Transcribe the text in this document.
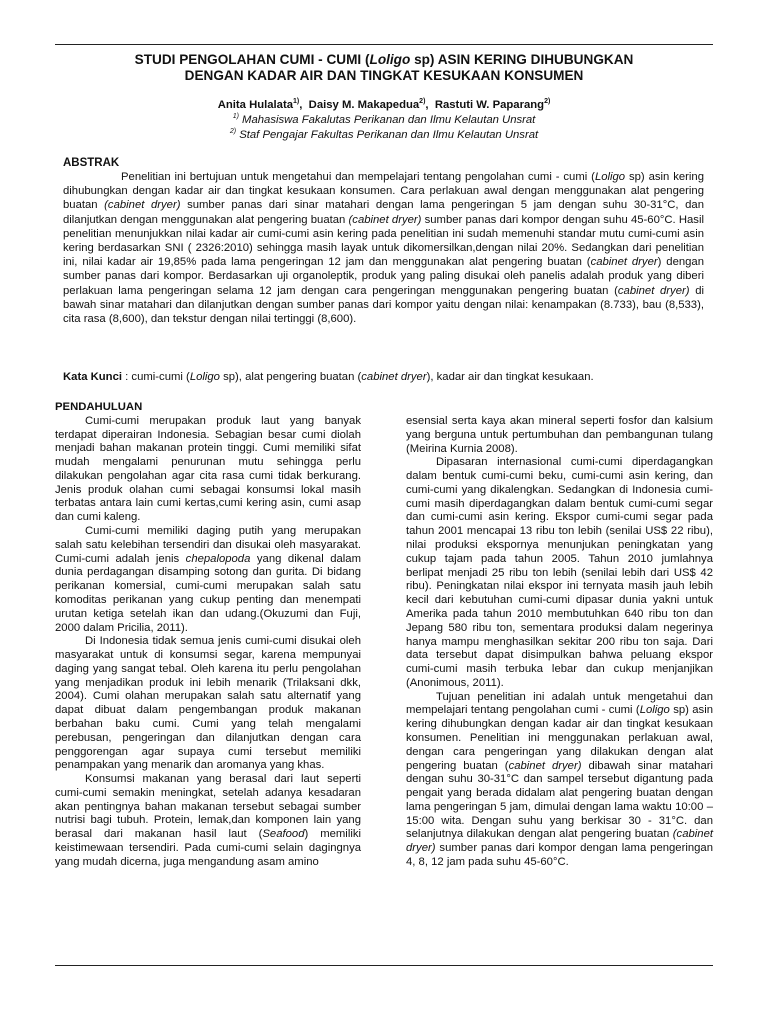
STUDI PENGOLAHAN CUMI - CUMI (Loligo sp) ASIN KERING DIHUBUNGKAN
DENGAN KADAR AIR DAN TINGKAT KESUKAAN KONSUMEN
Anita Hulalata$^{1)}$,  Daisy M. Makapedua$^{2)}$,  Rastuti W. Paparang$^{2)}$
$^{1)}$ Mahasiswa Fakalutas Perikanan dan Ilmu Kelautan Unsrat
$^{2)}$ Staf Pengajar Fakultas Perikanan dan Ilmu Kelautan Unsrat
ABSTRAK

Penelitian ini bertujuan untuk mengetahui dan mempelajari tentang pengolahan cumi - cumi (Loligo sp) asin kering dihubungkan dengan kadar air dan tingkat kesukaan konsumen. Cara perlakuan awal dengan menggunakan alat pengering buatan (cabinet dryer) sumber panas dari sinar matahari dengan lama pengeringan 5 jam dengan suhu 30-31°C, dan dilanjutkan dengan menggunakan alat pengering buatan (cabinet dryer) sumber panas dari kompor dengan suhu 45-60°C. Hasil penelitian menunjukkan nilai kadar air cumi-cumi asin kering pada penelitian ini sudah memenuhi standar mutu cumi-cumi asin kering berdasarkan SNI ( 2326:2010) sehingga masih layak untuk dikomersilkan,dengan nilai 20%. Sedangkan dari penelitian ini, nilai kadar air 19,85% pada lama pengeringan 12 jam dan menggunakan alat pengering buatan (cabinet dryer) dengan sumber panas dari kompor. Berdasarkan uji organoleptik, produk yang paling disukai oleh panelis adalah produk yang diberi perlakuan lama pengeringan selama 12 jam dengan cara pengeringan menggunakan pengering buatan (cabinet dryer) di bawah sinar matahari dan dilanjutkan dengan sumber panas dari kompor yaitu dengan nilai: kenampakan (8.733), bau (8,533), cita rasa (8,600), dan tekstur dengan nilai tertinggi (8,600).

Kata Kunci : cumi-cumi (Loligo sp), alat pengering buatan (cabinet dryer), kadar air dan tingkat kesukaan.

PENDAHULUAN

Cumi-cumi merupakan produk laut yang banyak terdapat diperairan Indonesia. Sebagian besar cumi diolah menjadi bahan makanan protein tinggi. Cumi memiliki sifat mudah mengalami penurunan mutu sehingga perlu dilakukan pengolahan agar cita rasa cumi tidak berkurang. Jenis produk olahan cumi sebagai konsumsi lokal masih terbatas antara lain cumi kertas,cumi kering asin, cumi asap dan cumi kaleng.

Cumi-cumi memiliki daging putih yang merupakan salah satu kelebihan tersendiri dan disukai oleh masyarakat. Cumi-cumi adalah jenis chepalopoda yang dikenal dalam dunia perdagangan disamping sotong dan gurita. Di bidang perikanan komersial, cumi-cumi merupakan salah satu komoditas perikanan yang cukup penting dan menempati urutan ketiga setelah ikan dan udang.(Okuzumi dan Fuji, 2000 dalam Pricilia, 2011).

Di Indonesia tidak semua jenis cumi-cumi disukai oleh masyarakat untuk di konsumsi segar, karena mempunyai daging yang sangat tebal. Oleh karena itu perlu pengolahan yang menjadikan produk ini lebih menarik (Trilaksani dkk, 2004). Cumi olahan merupakan salah satu alternatif yang dapat dibuat dalam pengembangan produk makanan berbahan baku cumi. Cumi yang telah mengalami perebusan, pengeringan dan dilanjutkan dengan cara penggorengan agar supaya cumi tersebut memiliki penampakan yang menarik dan aromanya yang khas.

Konsumsi makanan yang berasal dari laut seperti cumi-cumi semakin meningkat, setelah adanya kesadaran akan pentingnya bahan makanan tersebut sebagai sumber nutrisi bagi tubuh. Protein, lemak,dan komponen lain yang berasal dari makanan hasil laut (Seafood) memiliki keistimewaan tersendiri. Pada cumi-cumi selain dagingnya yang mudah dicerna, juga mengandung asam amino

esensial serta kaya akan mineral seperti fosfor dan kalsium yang berguna untuk pertumbuhan dan pembangunan tulang (Meirina Kurnia 2008).

Dipasaran internasional cumi-cumi diperdagangkan dalam bentuk cumi-cumi beku, cumi-cumi asin kering, dan cumi-cumi yang dikalengkan. Sedangkan di Indonesia cumi-cumi masih diperdagangkan dalam bentuk cumi-cumi segar dan cumi-cumi asin kering. Ekspor cumi-cumi segar pada tahun 2001 mencapai 13 ribu ton lebih (senilai US$ 22 ribu), nilai produksi ekspornya menunjukan peningkatan yang cukup tajam pada tahun 2005. Tahun 2010 jumlahnya berlipat menjadi 25 ribu ton lebih (senilai lebih dari US$ 42 ribu). Peningkatan nilai ekspor ini ternyata masih jauh lebih kecil dari kebutuhan cumi-cumi dipasar dunia yakni untuk Amerika pada tahun 2010 membutuhkan 640 ribu ton dan Jepang 580 ribu ton, sementara produksi dalam negerinya hanya mampu menghasilkan sekitar 200 ribu ton saja. Dari data tersebut dapat disimpulkan bahwa peluang ekspor cumi-cumi masih terbuka lebar dan cukup menjanjikan (Anonimous, 2011).

Tujuan penelitian ini adalah untuk mengetahui dan mempelajari tentang pengolahan cumi - cumi (Loligo sp) asin kering dihubungkan dengan kadar air dan tingkat kesukaan konsumen. Penelitian ini menggunakan perlakuan awal, dengan cara pengeringan yang dilakukan dengan alat pengering buatan (cabinet dryer) dibawah sinar matahari dengan suhu 30-31°C dan sampel tersebut digantung pada pengait yang berada didalam alat pengering buatan dengan lama pengeringan 5 jam, dimulai dengan lama waktu 10:00 – 15:00 wita. Dengan suhu yang berkisar 30 - 31°C. dan selanjutnya dilakukan dengan alat pengering buatan (cabinet dryer) sumber panas dari kompor dengan lama pengeringan 4, 8, 12 jam pada suhu 45-60°C.
